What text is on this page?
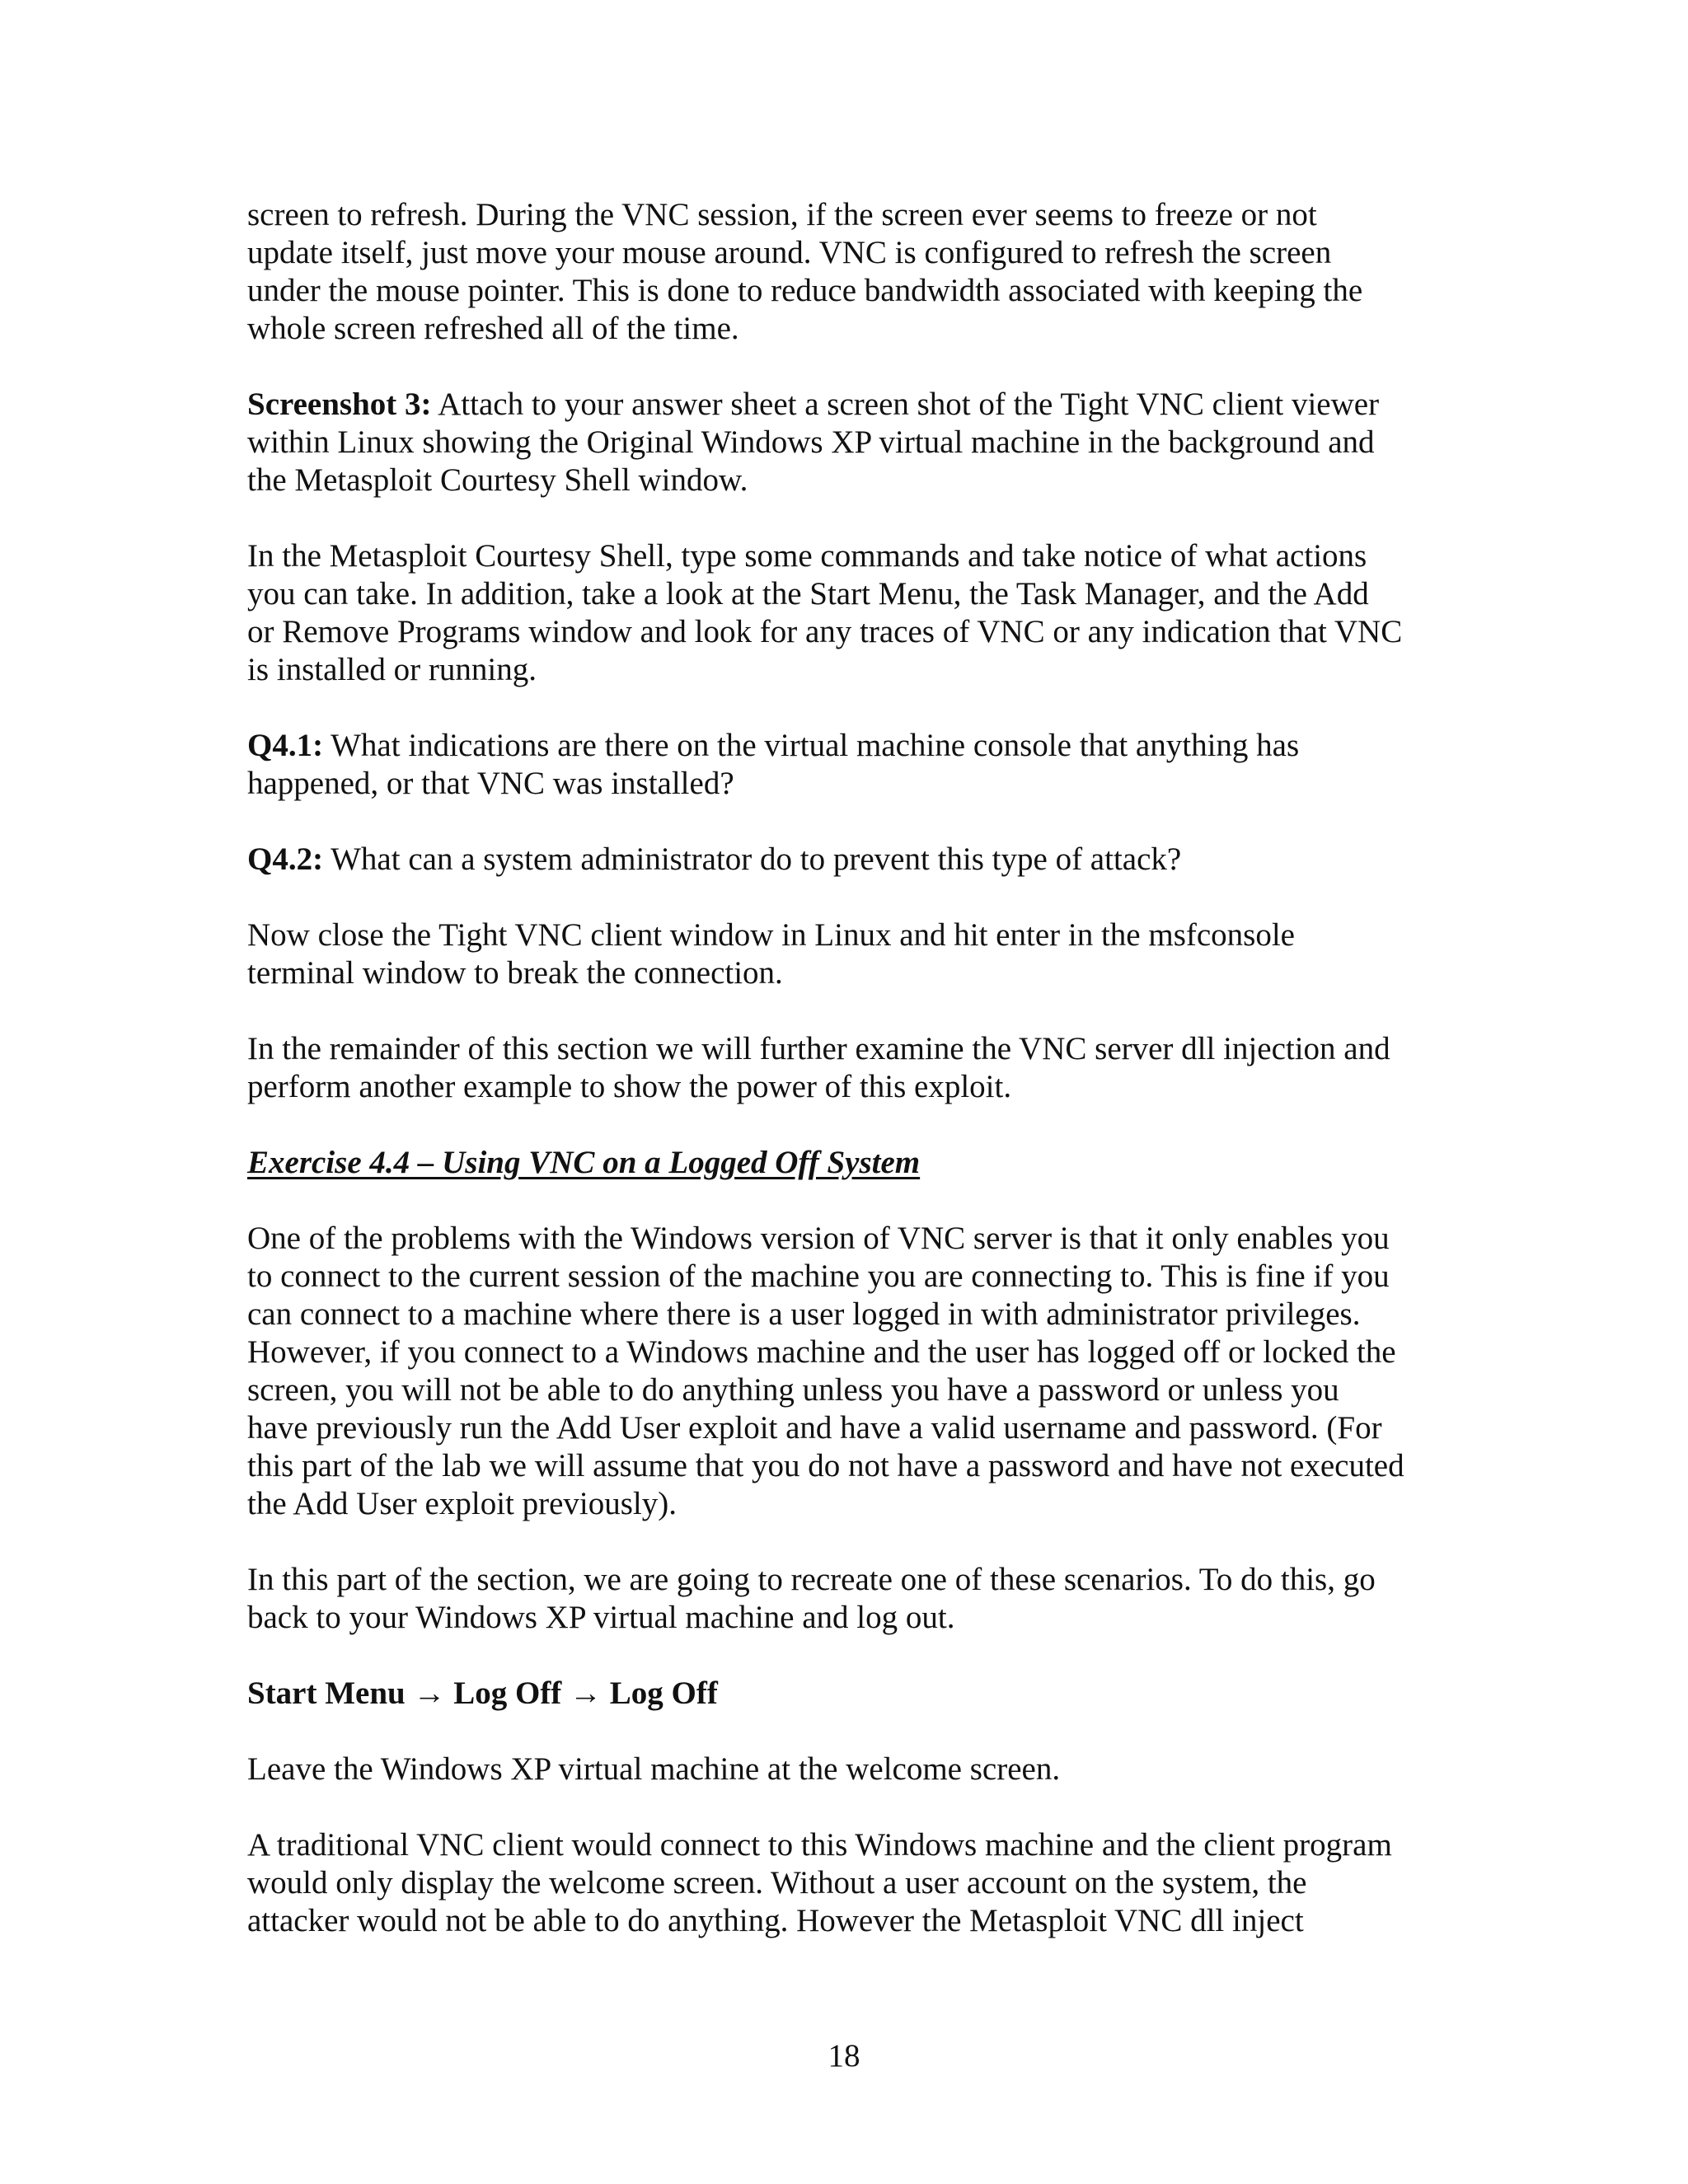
screen to refresh. During the VNC session, if the screen ever seems to freeze or not
update itself, just move your mouse around. VNC is configured to refresh the screen
under the mouse pointer. This is done to reduce bandwidth associated with keeping the
whole screen refreshed all of the time.

Screenshot 3: Attach to your answer sheet a screen shot of the Tight VNC client viewer
within Linux showing the Original Windows XP virtual machine in the background and
the Metasploit Courtesy Shell window.

In the Metasploit Courtesy Shell, type some commands and take notice of what actions
you can take. In addition, take a look at the Start Menu, the Task Manager, and the Add
or Remove Programs window and look for any traces of VNC or any indication that VNC
is installed or running.

Q4.1: What indications are there on the virtual machine console that anything has
happened, or that VNC was installed?

Q4.2: What can a system administrator do to prevent this type of attack?

Now close the Tight VNC client window in Linux and hit enter in the msfconsole
terminal window to break the connection.

In the remainder of this section we will further examine the VNC server dll injection and
perform another example to show the power of this exploit.

Exercise 4.4 – Using VNC on a Logged Off System

One of the problems with the Windows version of VNC server is that it only enables you
to connect to the current session of the machine you are connecting to. This is fine if you
can connect to a machine where there is a user logged in with administrator privileges.
However, if you connect to a Windows machine and the user has logged off or locked the
screen, you will not be able to do anything unless you have a password or unless you
have previously run the Add User exploit and have a valid username and password. (For
this part of the lab we will assume that you do not have a password and have not executed
the Add User exploit previously).

In this part of the section, we are going to recreate one of these scenarios. To do this, go
back to your Windows XP virtual machine and log out.

Start Menu → Log Off → Log Off

Leave the Windows XP virtual machine at the welcome screen.

A traditional VNC client would connect to this Windows machine and the client program
would only display the welcome screen. Without a user account on the system, the
attacker would not be able to do anything. However the Metasploit VNC dll inject

18
